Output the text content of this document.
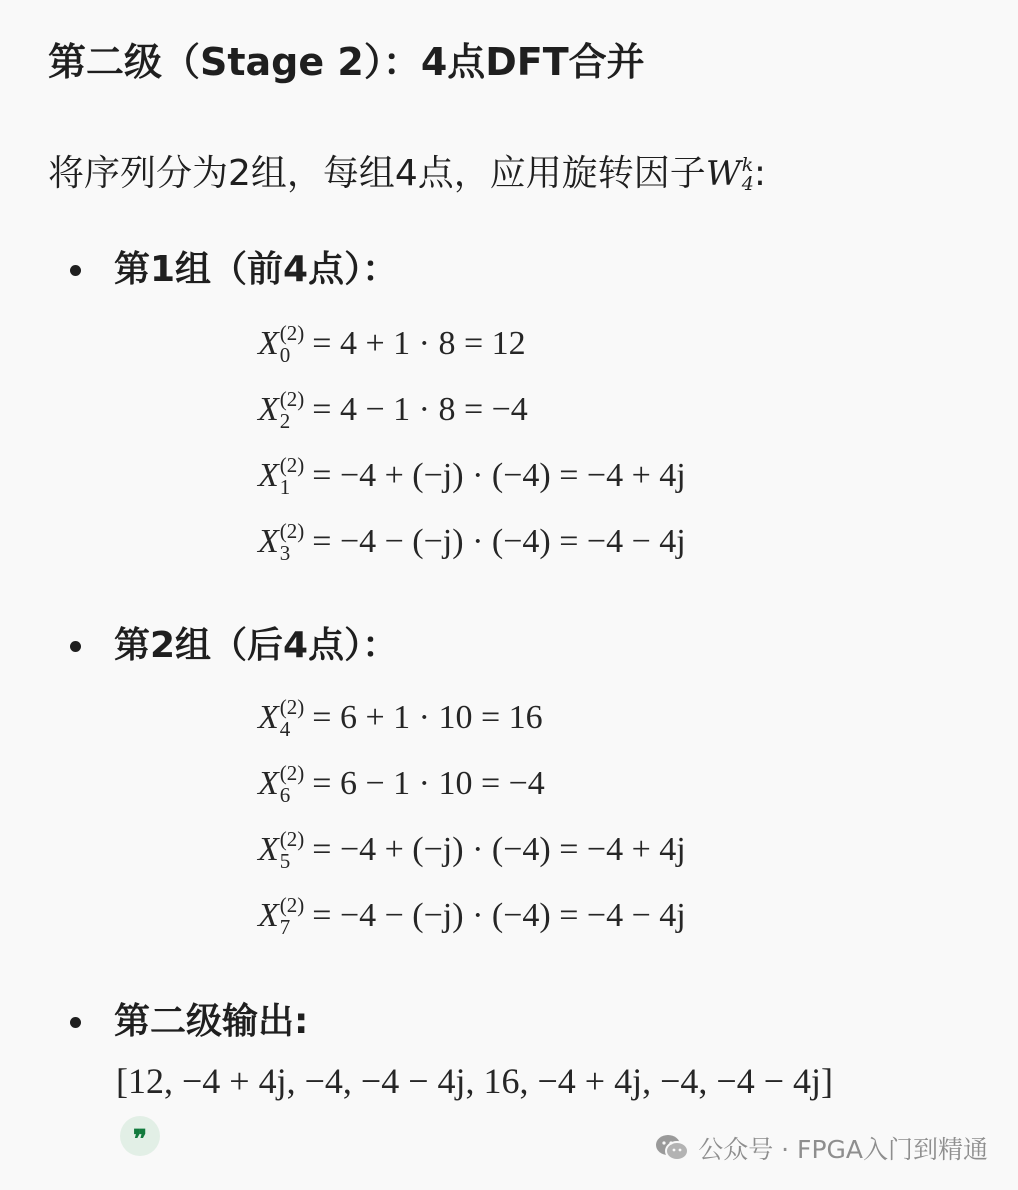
第二级（Stage 2）：4点DFT合并
将序列分为2组，每组4点，应用旋转因子W k
4 :
第1组（前4点）：
X (2)
0 = 4 + 1 · 8 = 12
X (2)
2 = 4 − 1 · 8 = −4
X (2)
1 = −4 + (−j) · (−4) = −4 + 4j
X (2)
3 = −4 − (−j) · (−4) = −4 − 4j
第2组（后4点）：
X (2)
4 = 6 + 1 · 10 = 16
X (2)
6 = 6 − 1 · 10 = −4
X (2)
5 = −4 + (−j) · (−4) = −4 + 4j
X (2)
7 = −4 − (−j) · (−4) = −4 − 4j
第二级输出:
[12, −4 + 4j, −4, −4 − 4j, 16, −4 + 4j, −4, −4 − 4j]
❞	公众号 · FPGA入门到精通
